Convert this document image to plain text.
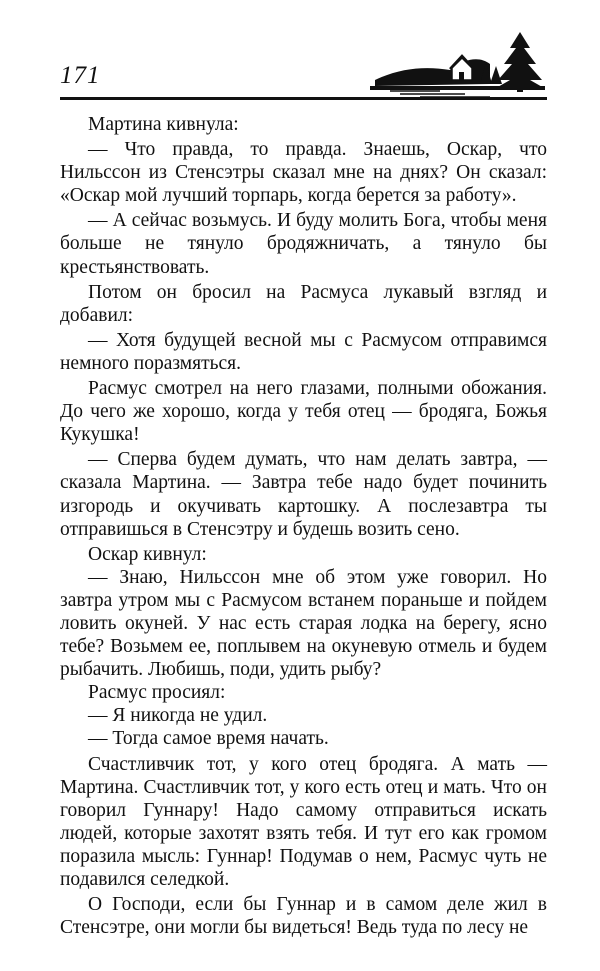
171

Мартина кивнула:

— Что правда, то правда. Знаешь, Оскар, что Нильссон из Стенсэтры сказал мне на днях? Он сказал: «Оскар мой лучший торпарь, когда берется за работу».

— А сейчас возьмусь. И буду молить Бога, чтобы меня больше не тянуло бродяжничать, а тянуло бы крестьянствовать.

Потом он бросил на Расмуса лукавый взгляд и добавил:

— Хотя будущей весной мы с Расмусом отправимся немного поразмяться.

Расмус смотрел на него глазами, полными обожания. До чего же хорошо, когда у тебя отец — бродяга, Божья Кукушка!

— Сперва будем думать, что нам делать завтра, — сказала Мартина. — Завтра тебе надо будет починить изгородь и окучивать картошку. А послезавтра ты отправишься в Стенсэтру и будешь возить сено.

Оскар кивнул:

— Знаю, Нильссон мне об этом уже говорил. Но завтра утром мы с Расмусом встанем пораньше и пойдем ловить окуней. У нас есть старая лодка на берегу, ясно тебе? Возьмем ее, поплывем на окуневую отмель и будем рыбачить. Любишь, поди, удить рыбу?

Расмус просиял:

— Я никогда не удил.

— Тогда самое время начать.

Счастливчик тот, у кого отец бродяга. А мать — Мартина. Счастливчик тот, у кого есть отец и мать. Что он говорил Гуннару! Надо самому отправиться искать людей, которые захотят взять тебя. И тут его как громом поразила мысль: Гуннар! Подумав о нем, Расмус чуть не подавился селедкой.

О Господи, если бы Гуннар и в самом деле жил в Стенсэтре, они могли бы видеться! Ведь туда по лесу не
